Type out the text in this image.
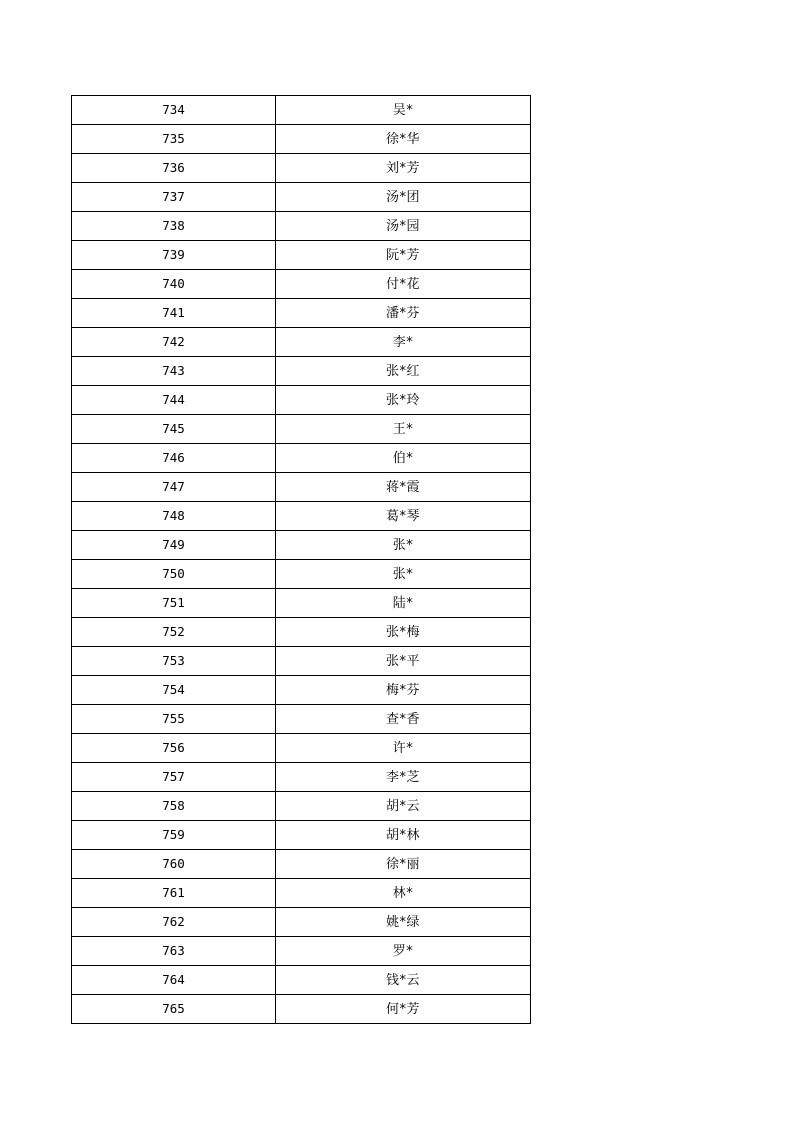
734	吴*
735	徐*华
736	刘*芳
737	汤*团
738	汤*园
739	阮*芳
740	付*花
741	潘*芬
742	李*
743	张*红
744	张*玲
745	王*
746	伯*
747	蒋*霞
748	葛*琴
749	张*
750	张*
751	陆*
752	张*梅
753	张*平
754	梅*芬
755	查*香
756	许*
757	李*芝
758	胡*云
759	胡*林
760	徐*丽
761	林*
762	姚*绿
763	罗*
764	钱*云
765	何*芳
